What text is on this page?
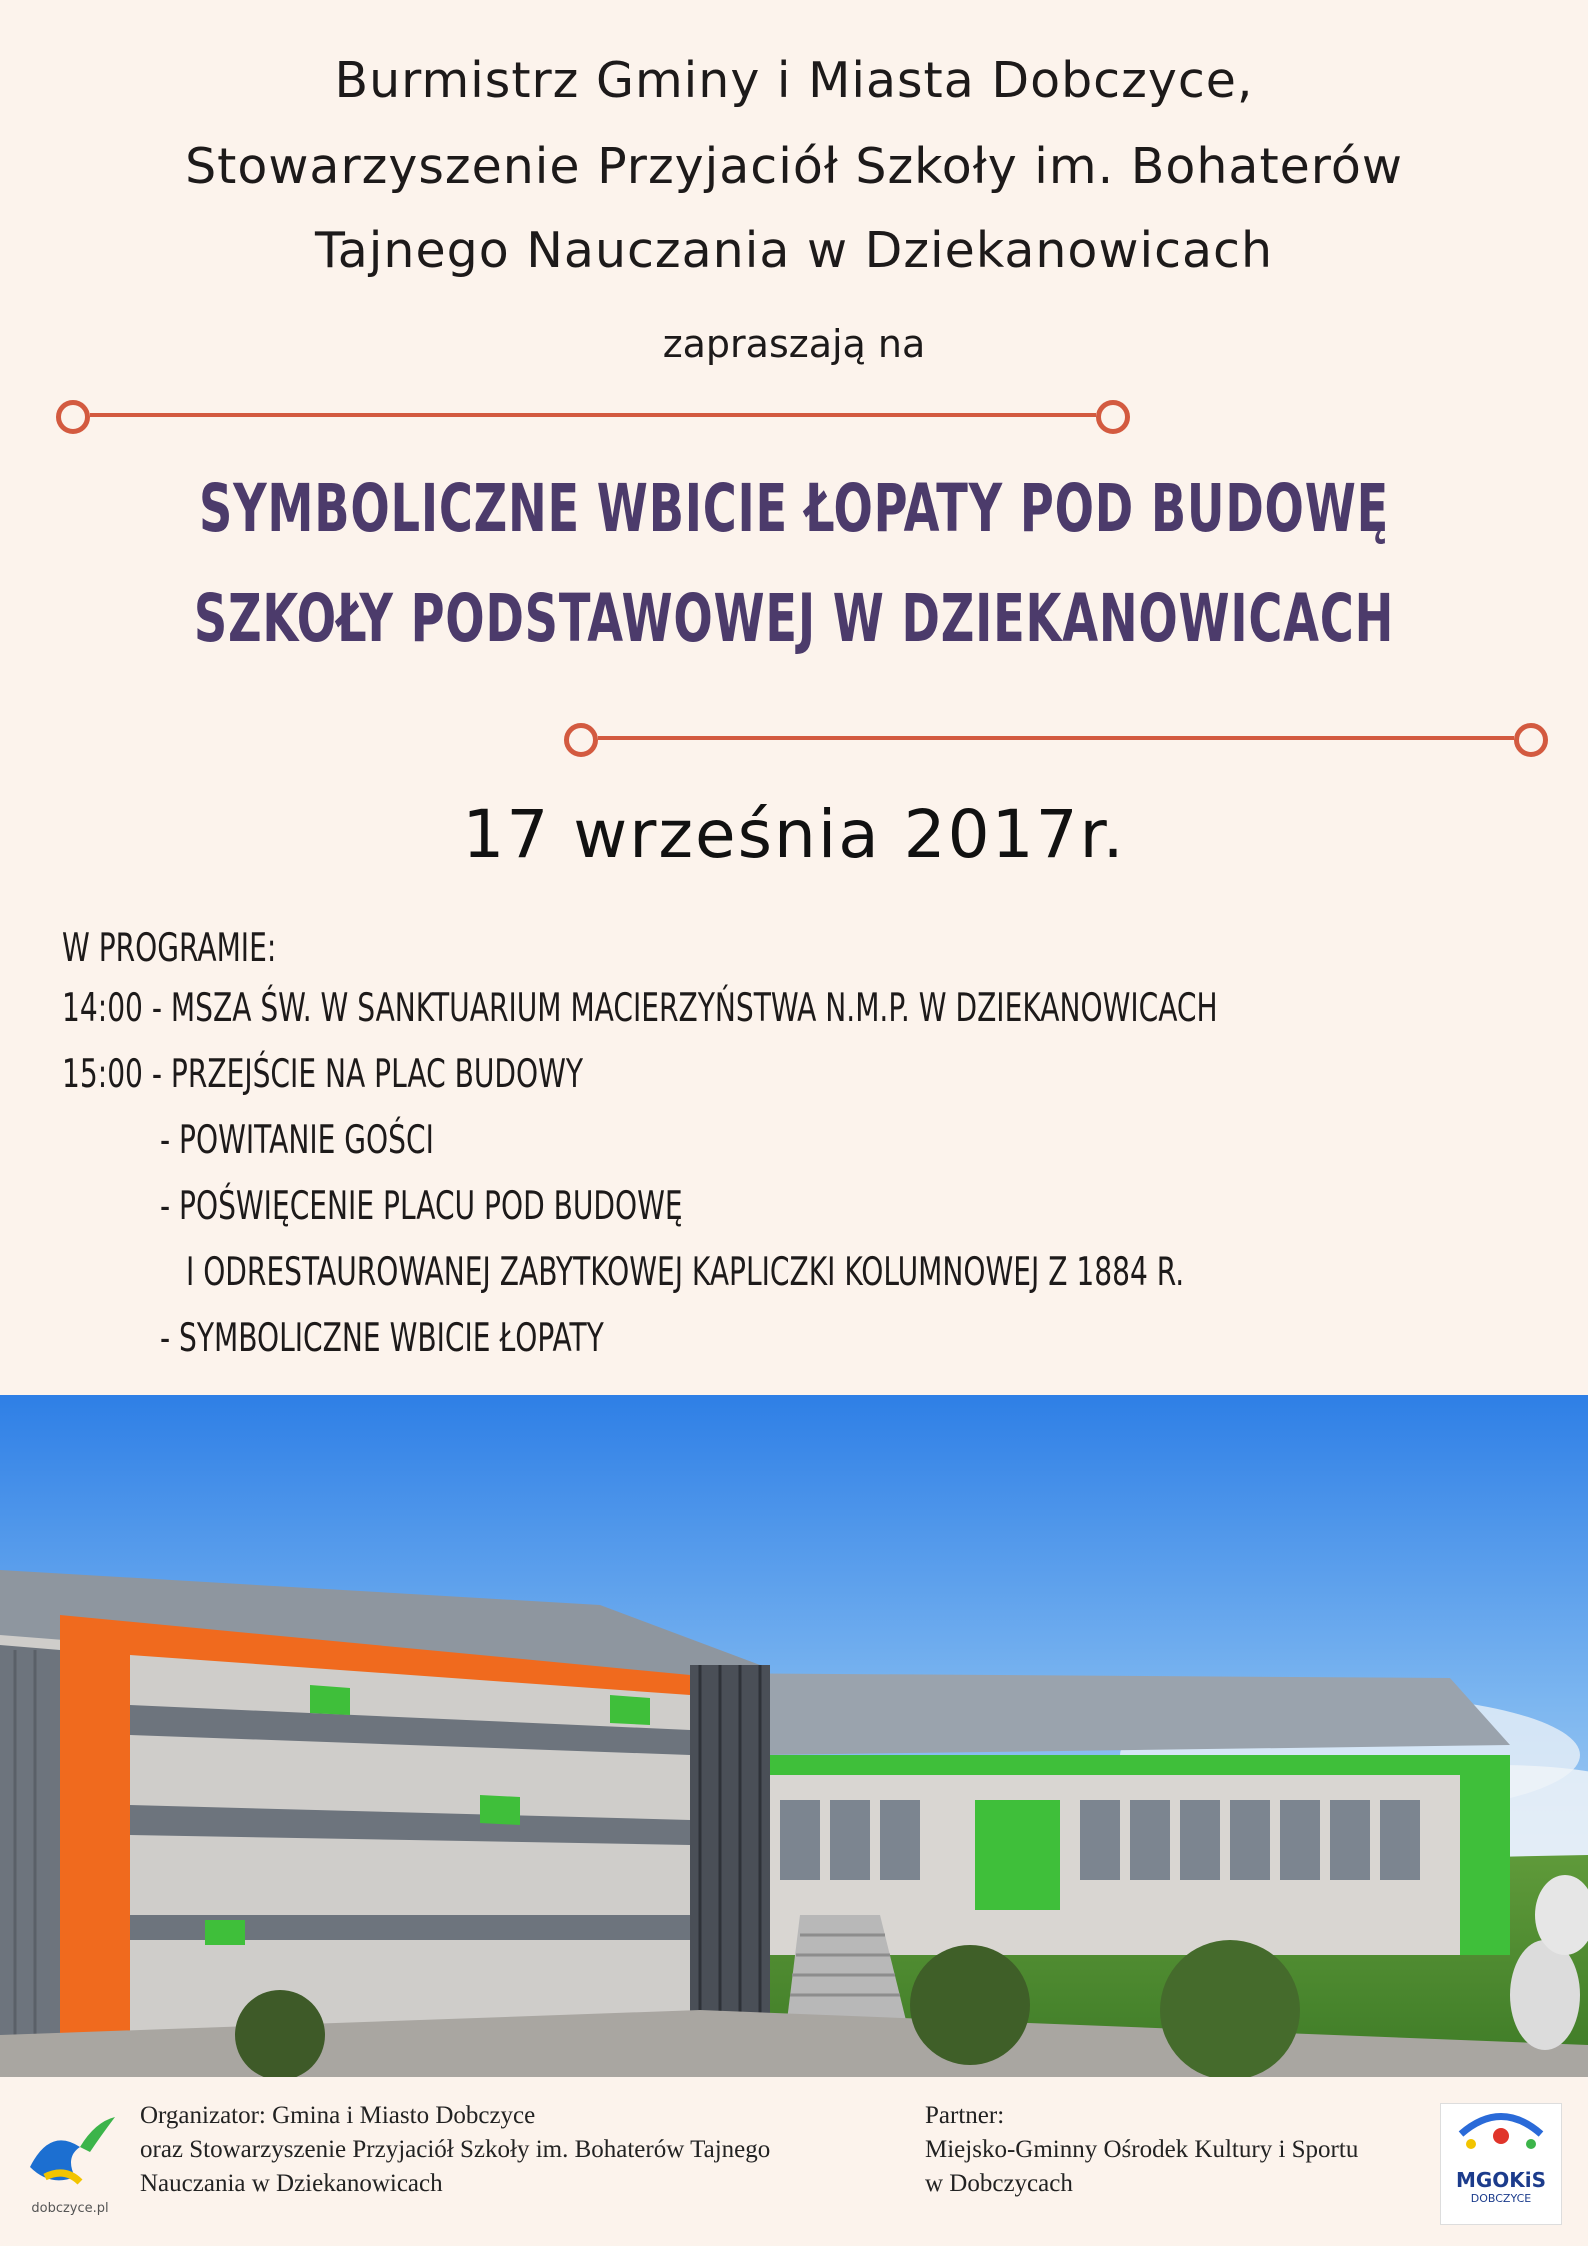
Burmistrz Gminy i Miasta Dobczyce,
Stowarzyszenie Przyjaciół Szkoły im. Bohaterów
Tajnego Nauczania w Dziekanowicach
zapraszają na
SYMBOLICZNE WBICIE ŁOPATY POD BUDOWĘ
SZKOŁY PODSTAWOWEJ W DZIEKANOWICACH
17 września 2017r.
W PROGRAMIE:
14:00 - MSZA ŚW. W SANKTUARIUM MACIERZYŃSTWA N.M.P. W DZIEKANOWICACH
15:00 - PRZEJŚCIE NA PLAC BUDOWY
- POWITANIE GOŚCI
- POŚWIĘCENIE PLACU POD BUDOWĘ
I ODRESTAUROWANEJ ZABYTKOWEJ KAPLICZKI KOLUMNOWEJ Z 1884 R.
- SYMBOLICZNE WBICIE ŁOPATY
dobczyce.pl
Organizator: Gmina i Miasto Dobczyce
oraz Stowarzyszenie Przyjaciół Szkoły im. Bohaterów Tajnego
Nauczania w Dziekanowicach
Partner:
Miejsko-Gminny Ośrodek Kultury i Sportu
w Dobczycach	MGOKiS
DOBCZYCE
